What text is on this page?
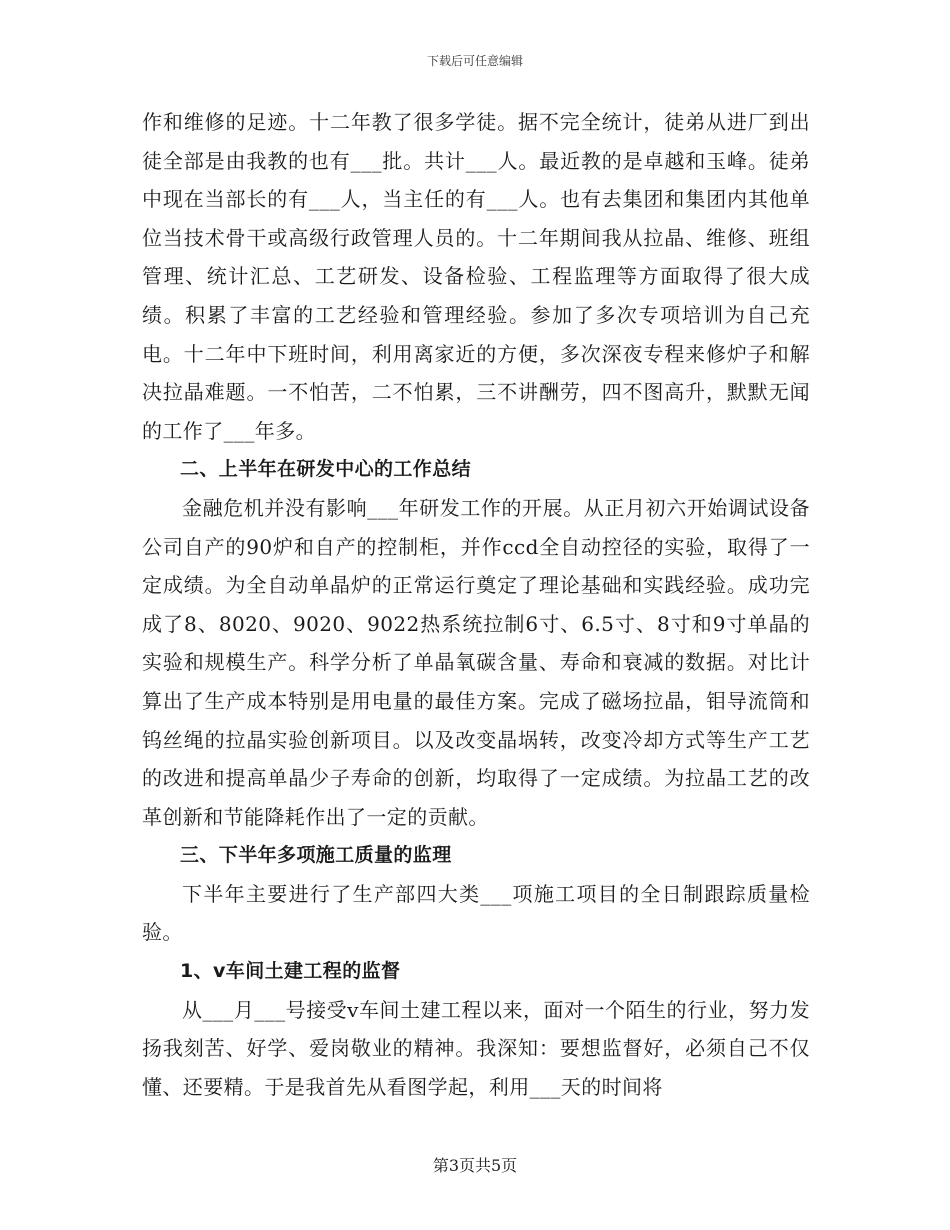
下载后可任意编辑

作和维修的足迹。十二年教了很多学徒。据不完全统计，徒弟从进厂到出徒全部是由我教的也有___批。共计___人。最近教的是卓越和玉峰。徒弟中现在当部长的有___人，当主任的有___人。也有去集团和集团内其他单位当技术骨干或高级行政管理人员的。十二年期间我从拉晶、维修、班组管理、统计汇总、工艺研发、设备检验、工程监理等方面取得了很大成绩。积累了丰富的工艺经验和管理经验。参加了多次专项培训为自己充电。十二年中下班时间，利用离家近的方便，多次深夜专程来修炉子和解决拉晶难题。一不怕苦，二不怕累，三不讲酬劳，四不图高升，默默无闻的工作了___年多。

二、上半年在研发中心的工作总结

金融危机并没有影响___年研发工作的开展。从正月初六开始调试设备公司自产的90炉和自产的控制柜，并作ccd全自动控径的实验，取得了一定成绩。为全自动单晶炉的正常运行奠定了理论基础和实践经验。成功完成了8、8020、9020、9022热系统拉制6寸、6.5寸、8寸和9寸单晶的实验和规模生产。科学分析了单晶氧碳含量、寿命和衰减的数据。对比计算出了生产成本特别是用电量的最佳方案。完成了磁场拉晶，钼导流筒和钨丝绳的拉晶实验创新项目。以及改变晶埚转，改变冷却方式等生产工艺的改进和提高单晶少子寿命的创新，均取得了一定成绩。为拉晶工艺的改革创新和节能降耗作出了一定的贡献。

三、下半年多项施工质量的监理

下半年主要进行了生产部四大类___项施工项目的全日制跟踪质量检验。

1、v车间土建工程的监督

从___月___号接受v车间土建工程以来，面对一个陌生的行业，努力发扬我刻苦、好学、爱岗敬业的精神。我深知：要想监督好，必须自己不仅懂、还要精。于是我首先从看图学起，利用___天的时间将

第3页共5页
